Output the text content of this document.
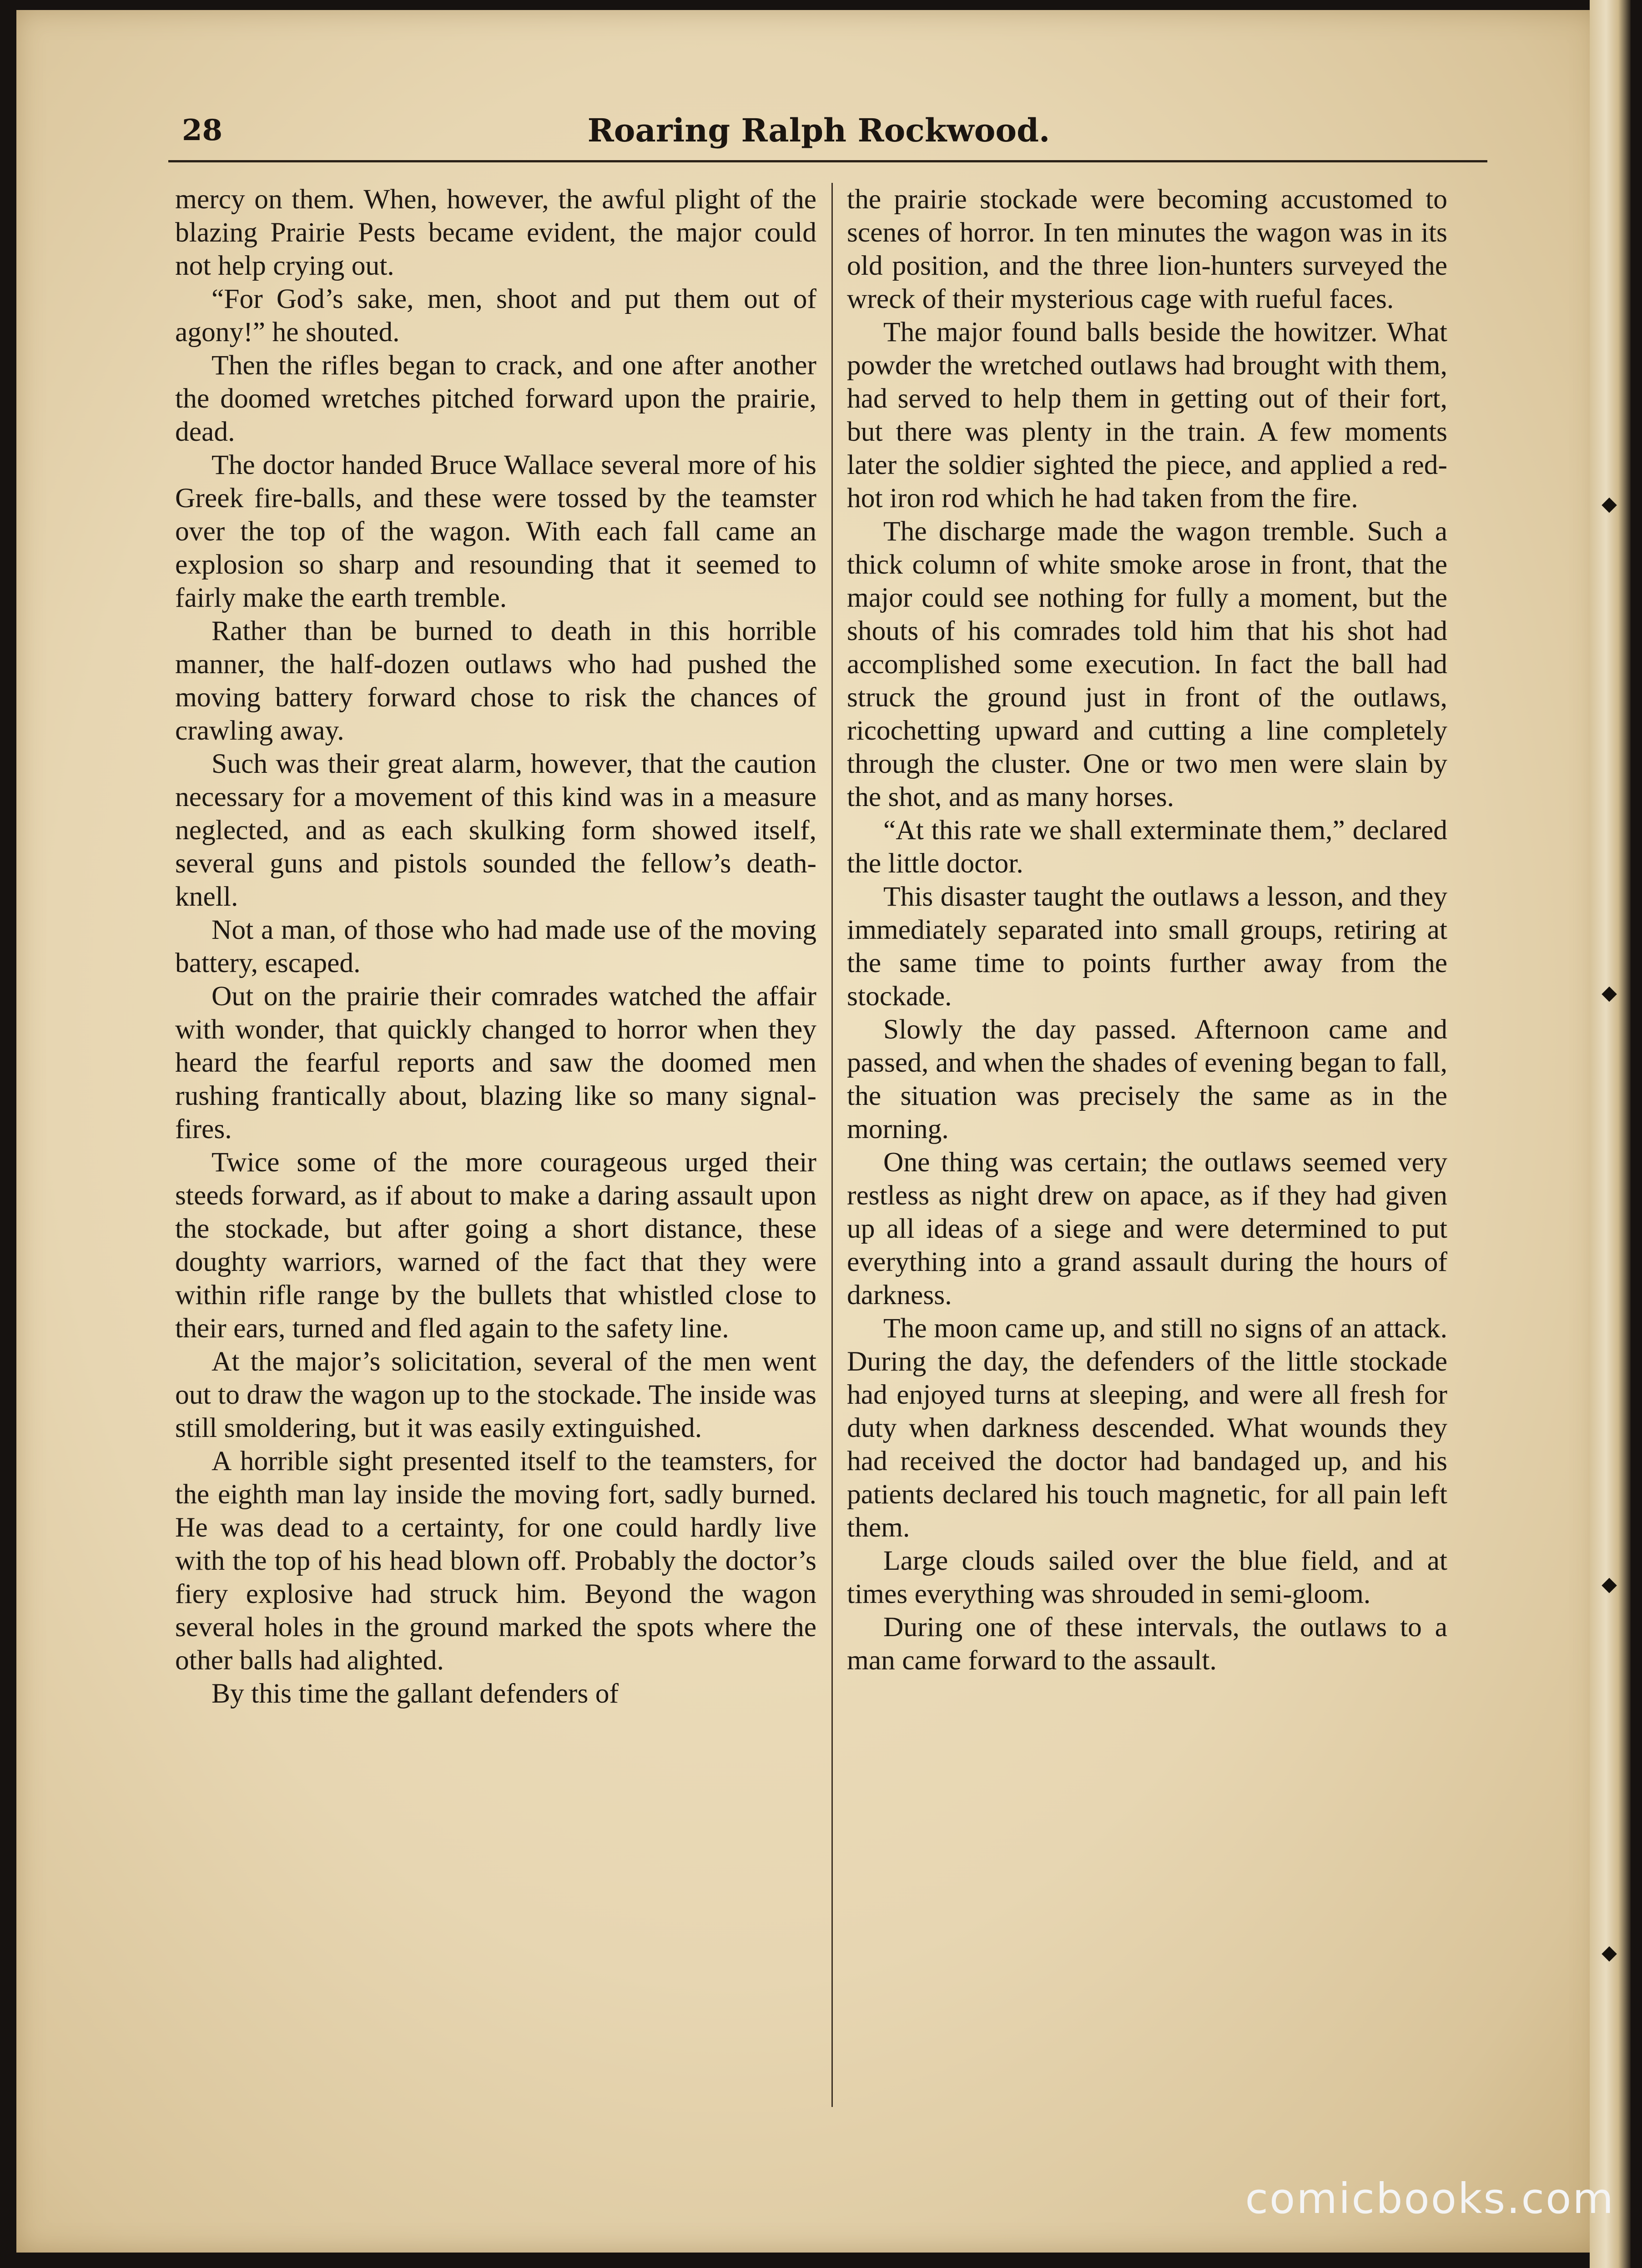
◆
◆
◆
◆
Roaring Ralph Rockwood.
28

mercy on them. When, however, the awful plight of the blazing Prairie Pests became evident, the major could not help crying out.

“For God’s sake, men, shoot and put them out of agony!” he shouted.

Then the rifles began to crack, and one after another the doomed wretches pitched forward upon the prairie, dead.

The doctor handed Bruce Wallace several more of his Greek fire-balls, and these were tossed by the teamster over the top of the wagon. With each fall came an explosion so sharp and resounding that it seemed to fairly make the earth tremble.

Rather than be burned to death in this horrible manner, the half-dozen outlaws who had pushed the moving battery forward chose to risk the chances of crawling away.

Such was their great alarm, however, that the caution necessary for a movement of this kind was in a measure neglected, and as each skulking form showed itself, several guns and pistols sounded the fellow’s death-knell.

Not a man, of those who had made use of the moving battery, escaped.

Out on the prairie their comrades watched the affair with wonder, that quickly changed to horror when they heard the fearful reports and saw the doomed men rushing frantically about, blazing like so many signal-fires.

Twice some of the more courageous urged their steeds forward, as if about to make a daring assault upon the stockade, but after going a short distance, these doughty warriors, warned of the fact that they were within rifle range by the bullets that whistled close to their ears, turned and fled again to the safety line.

At the major’s solicitation, several of the men went out to draw the wagon up to the stockade. The inside was still smoldering, but it was easily extinguished.

A horrible sight presented itself to the teamsters, for the eighth man lay inside the moving fort, sadly burned. He was dead to a certainty, for one could hardly live with the top of his head blown off. Probably the doctor’s fiery explosive had struck him. Beyond the wagon several holes in the ground marked the spots where the other balls had alighted.

By this time the gallant defenders of

the prairie stockade were becoming accustomed to scenes of horror. In ten minutes the wagon was in its old position, and the three lion-hunters surveyed the wreck of their mysterious cage with rueful faces.

The major found balls beside the howitzer. What powder the wretched outlaws had brought with them, had served to help them in getting out of their fort, but there was plenty in the train. A few moments later the soldier sighted the piece, and applied a red-hot iron rod which he had taken from the fire.

The discharge made the wagon tremble. Such a thick column of white smoke arose in front, that the major could see nothing for fully a moment, but the shouts of his comrades told him that his shot had accomplished some execution. In fact the ball had struck the ground just in front of the outlaws, ricochetting upward and cutting a line completely through the cluster. One or two men were slain by the shot, and as many horses.

“At this rate we shall exterminate them,” declared the little doctor.

This disaster taught the outlaws a lesson, and they immediately separated into small groups, retiring at the same time to points further away from the stockade.

Slowly the day passed. Afternoon came and passed, and when the shades of evening began to fall, the situation was precisely the same as in the morning.

One thing was certain; the outlaws seemed very restless as night drew on apace, as if they had given up all ideas of a siege and were determined to put everything into a grand assault during the hours of darkness.

The moon came up, and still no signs of an attack. During the day, the defenders of the little stockade had enjoyed turns at sleeping, and were all fresh for duty when darkness descended. What wounds they had received the doctor had bandaged up, and his patients declared his touch magnetic, for all pain left them.

Large clouds sailed over the blue field, and at times everything was shrouded in semi-gloom.

During one of these intervals, the outlaws to a man came forward to the assault.

comicbooks.com
